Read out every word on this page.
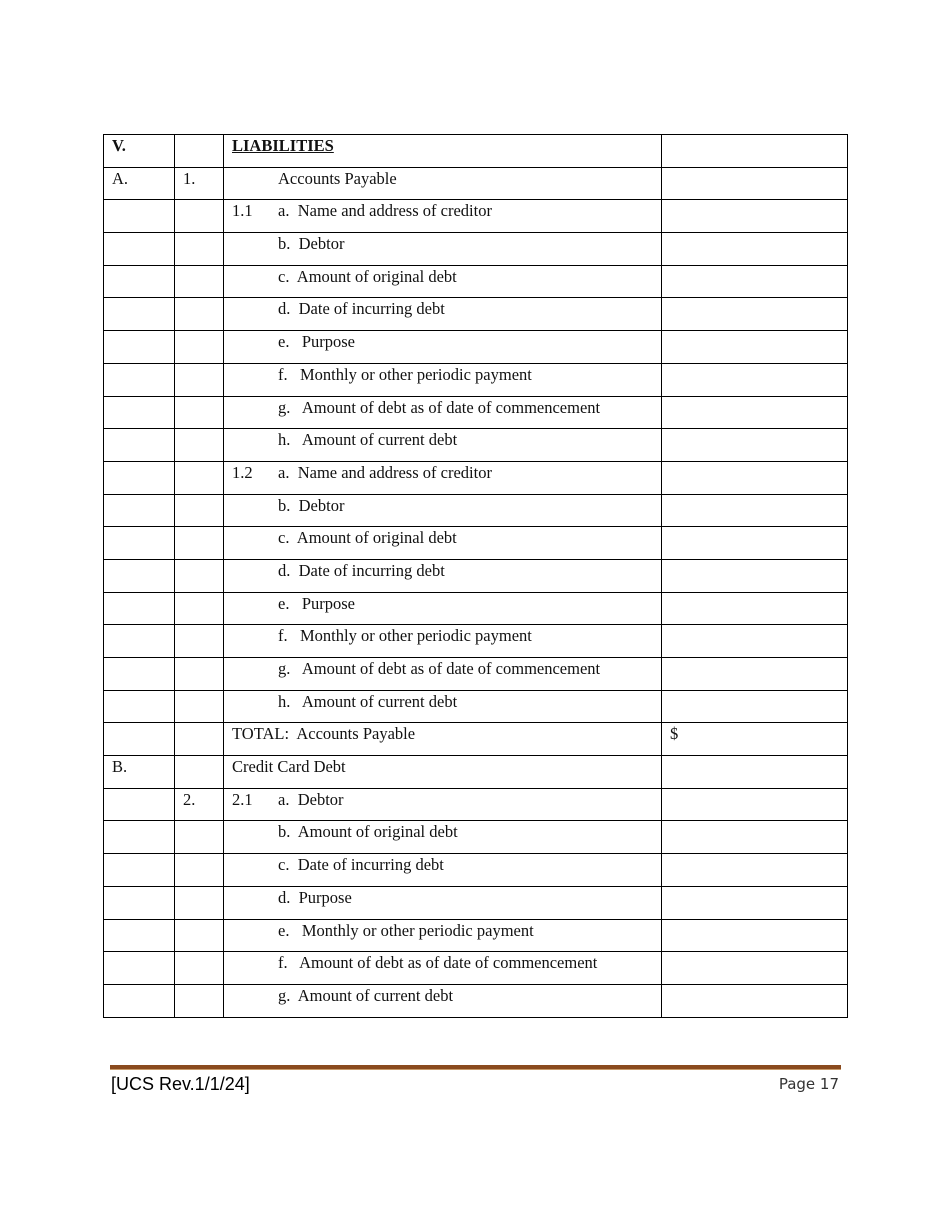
V.		LIABILITIES	
A.	1.	Accounts Payable	
		1.1 a.  Name and address of creditor	
		b.  Debtor	
		c.  Amount of original debt	
		d.  Date of incurring debt	
		e.   Purpose	
		f.   Monthly or other periodic payment	
		g.   Amount of debt as of date of commencement	
		h.   Amount of current debt	
		1.2 a.  Name and address of creditor	
		b.  Debtor	
		c.  Amount of original debt	
		d.  Date of incurring debt	
		e.   Purpose	
		f.   Monthly or other periodic payment	
		g.   Amount of debt as of date of commencement	
		h.   Amount of current debt	
		TOTAL:  Accounts Payable	$
B.		Credit Card Debt	
	2.	2.1 a.  Debtor	
		b.  Amount of original debt	
		c.  Date of incurring debt	
		d.  Purpose	
		e.   Monthly or other periodic payment	
		f.   Amount of debt as of date of commencement	
		g.  Amount of current debt	
[UCS Rev.1/1/24]	Page 17
